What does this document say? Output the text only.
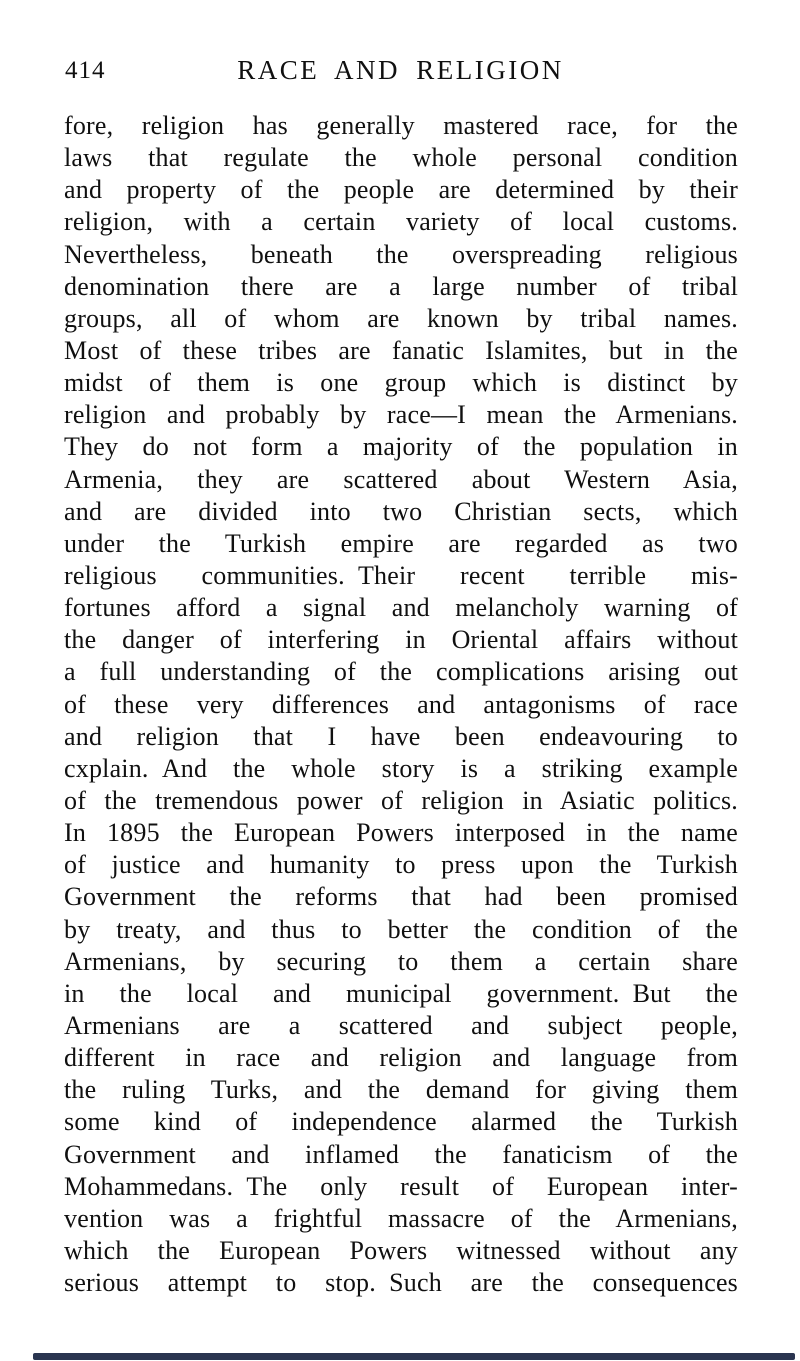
414	RACE AND RELIGION
fore, religion has generally mastered race, for the
laws that regulate the whole personal condition
and property of the people are determined by their
religion, with a certain variety of local customs.
Nevertheless, beneath the overspreading religious
denomination there are a large number of tribal
groups, all of whom are known by tribal names.
Most of these tribes are fanatic Islamites, but in the
midst of them is one group which is distinct by
religion and probably by race—I mean the Armenians.
They do not form a majority of the population in
Armenia, they are scattered about Western Asia,
and are divided into two Christian sects, which
under the Turkish empire are regarded as two
religious communities. Their recent terrible mis-
fortunes afford a signal and melancholy warning of
the danger of interfering in Oriental affairs without
a full understanding of the complications arising out
of these very differences and antagonisms of race
and religion that I have been endeavouring to
cxplain. And the whole story is a striking example
of the tremendous power of religion in Asiatic politics.
In 1895 the European Powers interposed in the name
of justice and humanity to press upon the Turkish
Government the reforms that had been promised
by treaty, and thus to better the condition of the
Armenians, by securing to them a certain share
in the local and municipal government. But the
Armenians are a scattered and subject people,
different in race and religion and language from
the ruling Turks, and the demand for giving them
some kind of independence alarmed the Turkish
Government and inflamed the fanaticism of the
Mohammedans. The only result of European inter-
vention was a frightful massacre of the Armenians,
which the European Powers witnessed without any
serious attempt to stop. Such are the consequences
